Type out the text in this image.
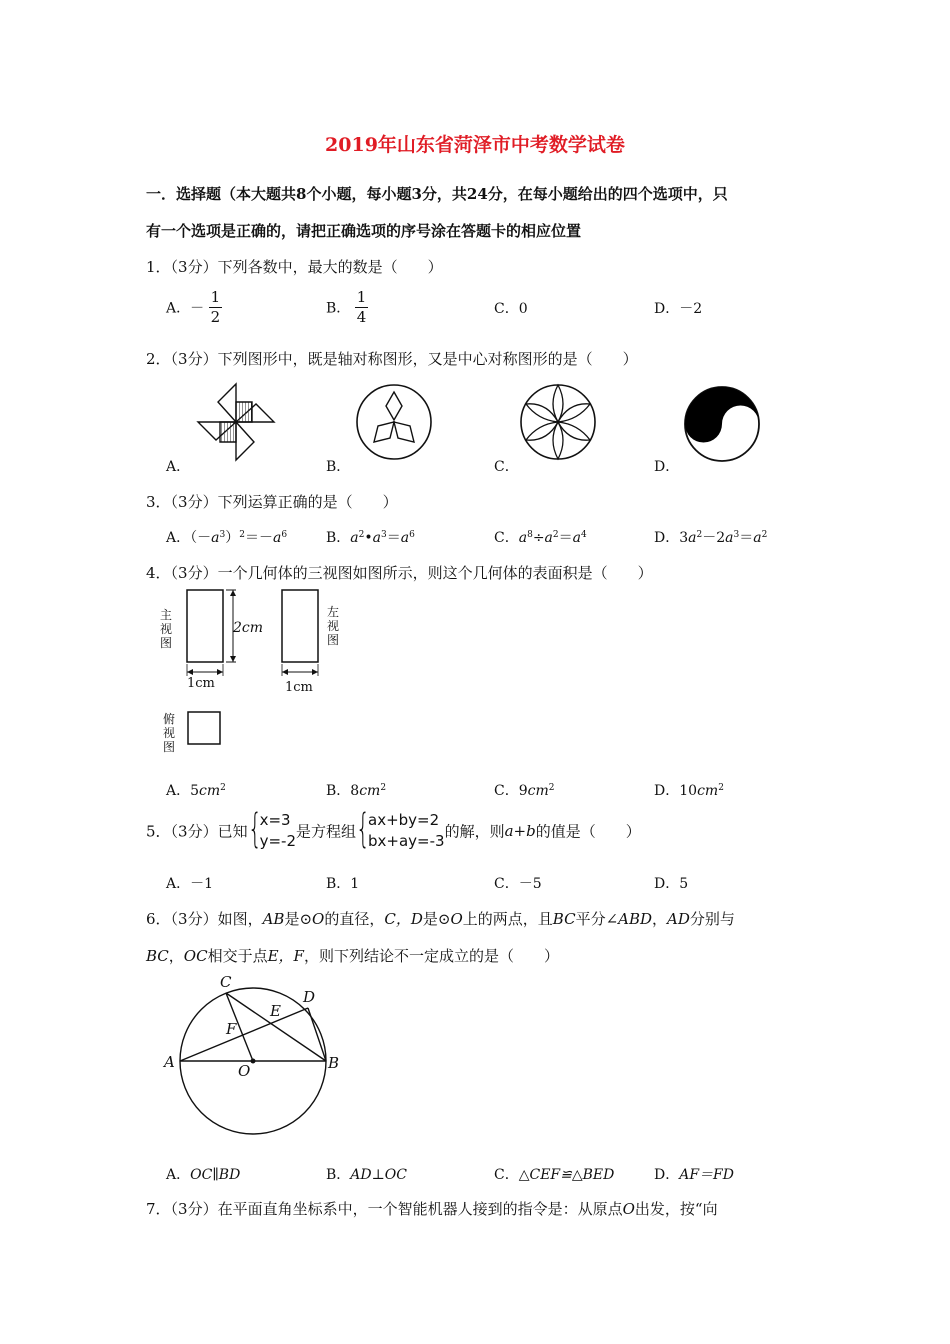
2019年山东省菏泽市中考数学试卷
一．选择题（本大题共8个小题，每小题3分，共24分，在每小题给出的四个选项中，只
有一个选项是正确的，请把正确选项的序号涂在答题卡的相应位置
1．（3分）下列各数中，最大的数是（　　）
A．－ $\frac{1}{2}$	B． $\frac{1}{4}$	C．0	D．－2
2．（3分）下列图形中，既是轴对称图形，又是中心对称图形的是（　　）
A．	B．	C．	D．
3．（3分）下列运算正确的是（　　）
A．$(-a^3)^2=-a^6$	B．$a^2•a^3=a^6$	C．$a^8\div a^2=a^4$	D．$3a^2-2a^3=a^2$
4．（3分）一个几何体的三视图如图所示，则这个几何体的表面积是（　　）
主视图
左视图
俯视图
2cm
1cm	1cm
A．$5cm^2$	B．$8cm^2$	C．$9cm^2$	D．$10cm^2$
5．（3分）已知 {
x=3
y=-2
是方程组 {
ax+by=2
bx+ay=-3
的解，则a+b的值是（　　）
A．－1	B．1	C．－5	D．5
6．（3分）如图，AB是⊙O的直径，C，D是⊙O上的两点，且BC平分∠ABD，AD分别与
BC，OC相交于点E，F，则下列结论不一定成立的是（　　）
A	B
C
D
E
F
O
A．OC∥BD	B．AD⊥OC	C．△CEF≌△BED	D．AF＝FD
7．（3分）在平面直角坐标系中，一个智能机器人接到的指令是：从原点O出发，按“向
